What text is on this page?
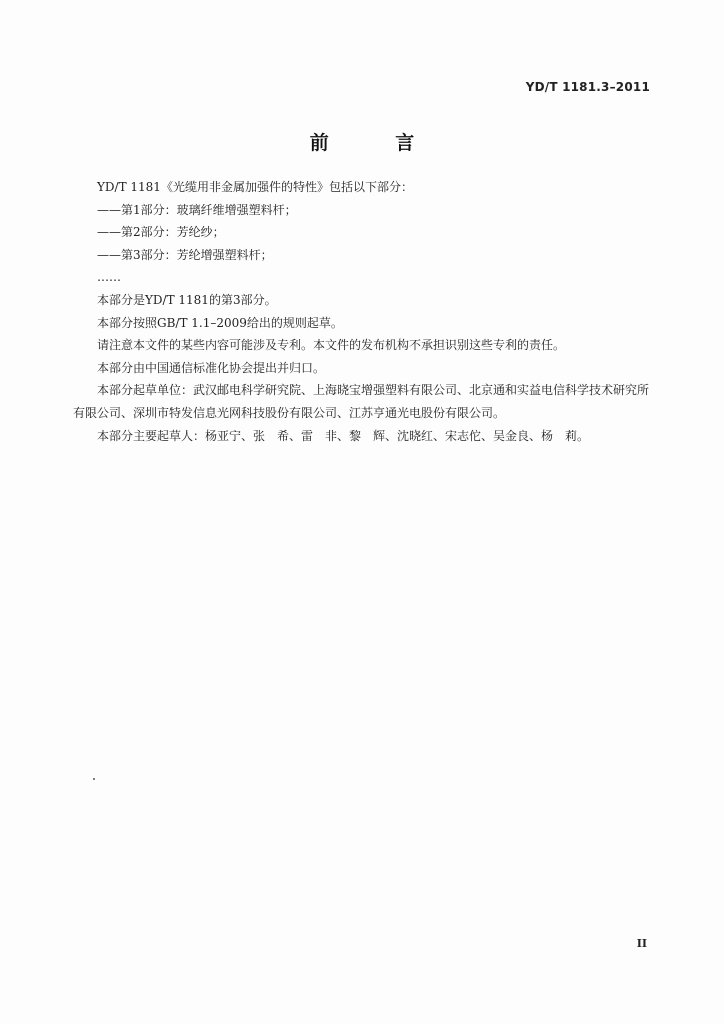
YD/T 1181.3–2011
前 言

YD/T 1181《光缆用非金属加强件的特性》包括以下部分：

——第1部分：玻璃纤维增强塑料杆；

——第2部分：芳纶纱；

——第3部分：芳纶增强塑料杆；

……

本部分是YD/T 1181的第3部分。

本部分按照GB/T 1.1–2009给出的规则起草。

请注意本文件的某些内容可能涉及专利。本文件的发布机构不承担识别这些专利的责任。

本部分由中国通信标准化协会提出并归口。

本部分起草单位：武汉邮电科学研究院、上海晓宝增强塑料有限公司、北京通和实益电信科学技术研究所有限公司、深圳市特发信息光网科技股份有限公司、江苏亨通光电股份有限公司。

本部分主要起草人：杨亚宁、张　希、雷　非、黎　辉、沈晓红、宋志佗、吴金良、杨　莉。

II
